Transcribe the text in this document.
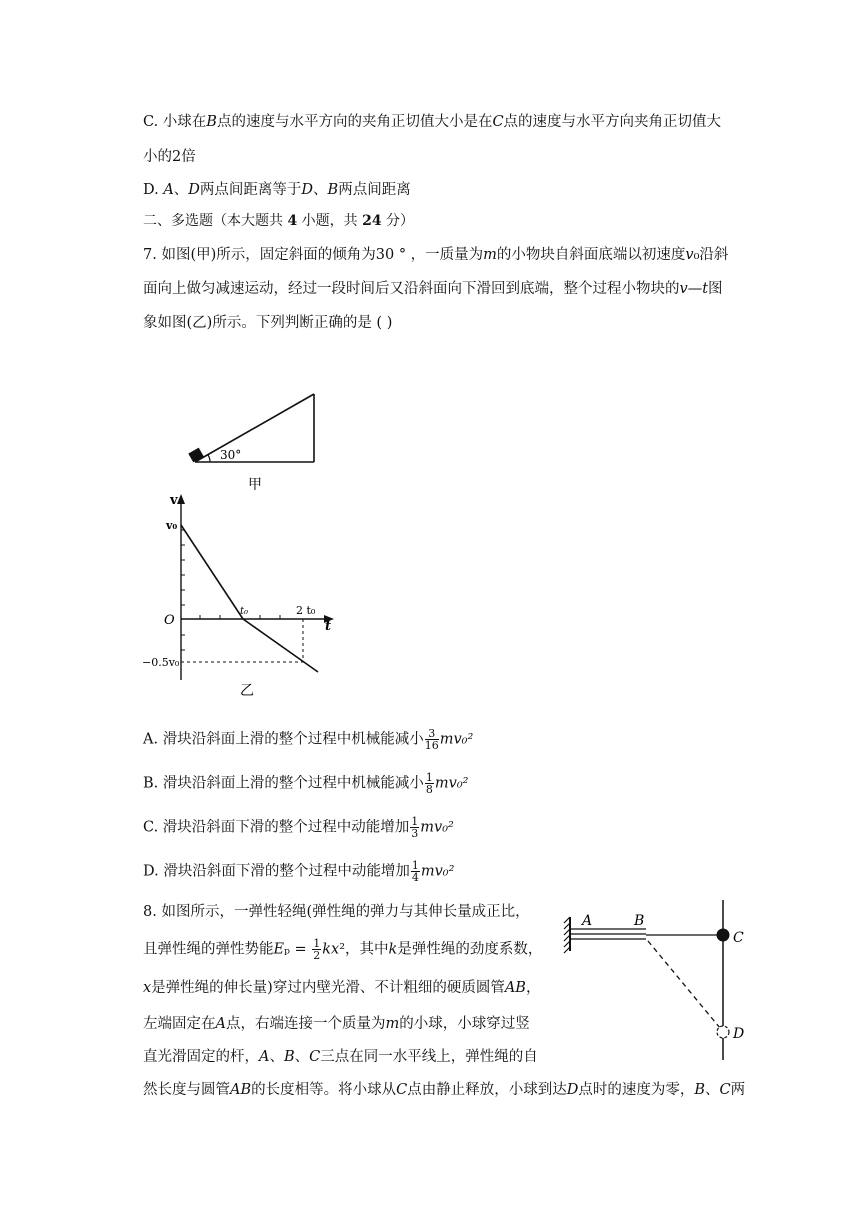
C. 小球在𝐵点的速度与水平方向的夹角正切值大小是在𝐶点的速度与水平方向夹角正切值大
小的2倍
D. 𝐴、𝐷两点间距离等于𝐷、𝐵两点间距离
二、多选题（本大题共 4 小题，共 24 分）
7. 如图(甲)所示，固定斜面的倾角为30 ° ，一质量为𝑚的小物块自斜面底端以初速度𝑣₀沿斜
面向上做匀减速运动，经过一段时间后又沿斜面向下滑回到底端，整个过程小物块的𝑣—𝑡图
象如图(乙)所示。下列判断正确的是 ( )
30°
甲
v
v₀
O
t₀	2 t₀
t
−0.5v₀
乙
A. 滑块沿斜面上滑的整个过程中机械能减小 $\frac{3}{16}$ 𝑚𝑣₀²
B. 滑块沿斜面上滑的整个过程中机械能减小 $\frac{1}{8}$ 𝑚𝑣₀²
C. 滑块沿斜面下滑的整个过程中动能增加 $\frac{1}{3}$ 𝑚𝑣₀²
D. 滑块沿斜面下滑的整个过程中动能增加 $\frac{1}{4}$ 𝑚𝑣₀²
8. 如图所示，一弹性轻绳(弹性绳的弹力与其伸长量成正比，
且弹性绳的弹性势能𝐸ₚ = $\frac{1}{2}$ 𝑘𝑥²，其中𝑘是弹性绳的劲度系数，
𝑥是弹性绳的伸长量)穿过内壁光滑、不计粗细的硬质圆管𝐴𝐵，
左端固定在𝐴点，右端连接一个质量为𝑚的小球，小球穿过竖
直光滑固定的杆，𝐴、𝐵、𝐶三点在同一水平线上，弹性绳的自
然长度与圆管𝐴𝐵的长度相等。将小球从𝐶点由静止释放，小球到达𝐷点时的速度为零，𝐵、𝐶两
A	B
C
D
